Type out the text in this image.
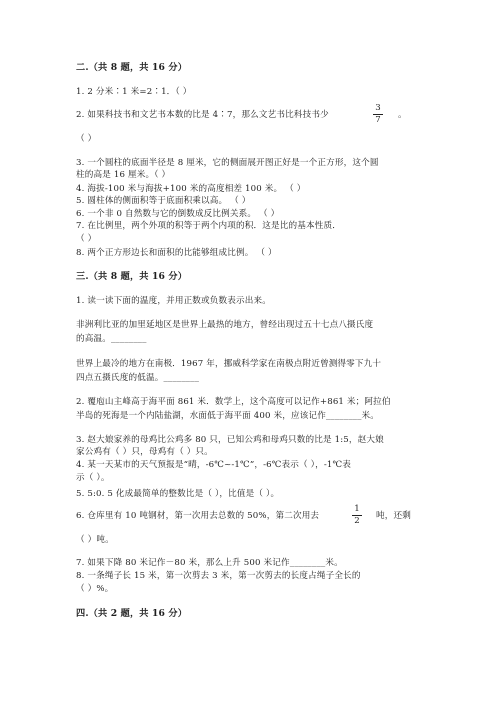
二.（共 8 题，共 16 分）
1. 2 分米∶1 米=2∶1．（ ）
2. 如果科技书和文艺书本数的比是 4∶7，那么文艺书比科技书少
3
7 。
（ ）
3. 一个圆柱的底面半径是 8 厘米，它的侧面展开图正好是一个正方形，这个圆
柱的高是 16 厘米。（ ）
4. 海拔-100 米与海拔+100 米的高度相差 100 米。 （ ）
5. 圆柱体的侧面积等于底面积乘以高。 （ ）
6. 一个非 0 自然数与它的倒数成反比例关系。 （ ）
7. 在比例里，两个外项的积等于两个内项的积．这是比的基本性质．
（ ）
8. 两个正方形边长和面积的比能够组成比例。 （ ）
三.（共 8 题，共 16 分）
1. 读一读下面的温度，并用正数或负数表示出来。
非洲利比亚的加里延地区是世界上最热的地方，曾经出现过五十七点八摄氏度
的高温。________
世界上最冷的地方在南极．1967 年，挪威科学家在南极点附近曾测得零下九十
四点五摄氏度的低温。________
2. 覆庖山主峰高于海平面 861 米．数学上，这个高度可以记作+861 米；阿拉伯
半岛的死海是一个内陆盐湖，水面低于海平面 400 米，应该记作________米。
3. 赵大娘家养的母鸡比公鸡多 80 只，已知公鸡和母鸡只数的比是 1:5，赵大娘
家公鸡有（ ）只，母鸡有（ ）只。
4. 某一天某市的天气预报是“晴，-6℃~-1℃”，-6℃表示（ ），-1℃表
示（ ）。
5. 5:0. 5 化成最简单的整数比是（ ），比值是（ ）。
6. 仓库里有 10 吨钢材，第一次用去总数的 50%，第二次用去
1
2 吨，还剩
（ ）吨。
7. 如果下降 80 米记作－80 米，那么上升 500 米记作________米。
8. 一条绳子长 15 米，第一次剪去 3 米，第一次剪去的长度占绳子全长的
（ ）%。
四.（共 2 题，共 16 分）
